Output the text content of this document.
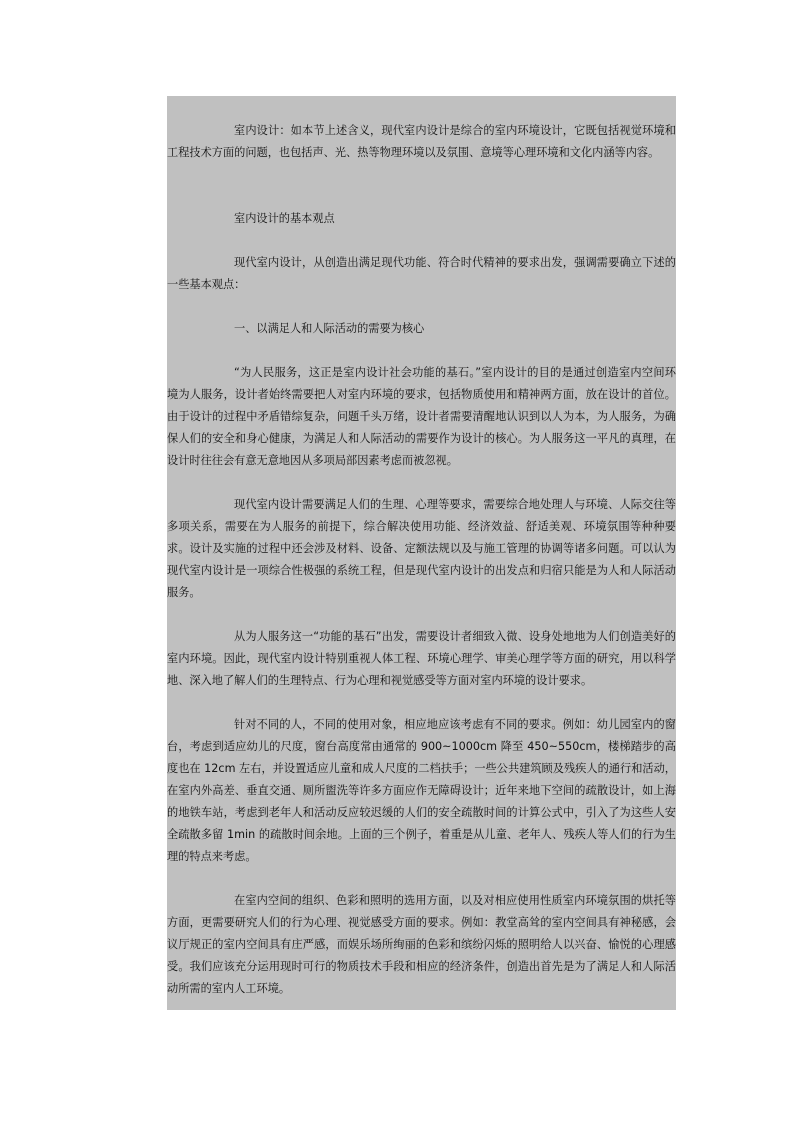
室内设计：如本节上述含义，现代室内设计是综合的室内环境设计，它既包括视觉环境和工程技术方面的问题，也包括声、光、热等物理环境以及氛围、意境等心理环境和文化内涵等内容。

室内设计的基本观点

现代室内设计，从创造出满足现代功能、符合时代精神的要求出发，强调需要确立下述的一些基本观点：

一、以满足人和人际活动的需要为核心

“为人民服务，这正是室内设计社会功能的基石。”室内设计的目的是通过创造室内空间环境为人服务，设计者始终需要把人对室内环境的要求，包括物质使用和精神两方面，放在设计的首位。由于设计的过程中矛盾错综复杂，问题千头万绪，设计者需要清醒地认识到以人为本，为人服务，为确保人们的安全和身心健康，为满足人和人际活动的需要作为设计的核心。为人服务这一平凡的真理，在设计时往往会有意无意地因从多项局部因素考虑而被忽视。

现代室内设计需要满足人们的生理、心理等要求，需要综合地处理人与环境、人际交往等多项关系，需要在为人服务的前提下，综合解决使用功能、经济效益、舒适美观、环境氛围等种种要求。设计及实施的过程中还会涉及材料、设备、定额法规以及与施工管理的协调等诸多问题。可以认为现代室内设计是一项综合性极强的系统工程，但是现代室内设计的出发点和归宿只能是为人和人际活动服务。

从为人服务这一“功能的基石”出发，需要设计者细致入微、设身处地地为人们创造美好的室内环境。因此，现代室内设计特别重视人体工程、环境心理学、审美心理学等方面的研究，用以科学地、深入地了解人们的生理特点、行为心理和视觉感受等方面对室内环境的设计要求。

针对不同的人，不同的使用对象，相应地应该考虑有不同的要求。例如：幼儿园室内的窗台，考虑到适应幼儿的尺度，窗台高度常由通常的 900~1000cm 降至 450~550cm，楼梯踏步的高度也在 12cm 左右，并设置适应儿童和成人尺度的二档扶手；一些公共建筑顾及残疾人的通行和活动，在室内外高差、垂直交通、厕所盥洗等许多方面应作无障碍设计；近年来地下空间的疏散设计，如上海的地铁车站，考虑到老年人和活动反应较迟缓的人们的安全疏散时间的计算公式中，引入了为这些人安全疏散多留 1min 的疏散时间余地。上面的三个例子，着重是从儿童、老年人、残疾人等人们的行为生理的特点来考虑。

在室内空间的组织、色彩和照明的选用方面，以及对相应使用性质室内环境氛围的烘托等方面，更需要研究人们的行为心理、视觉感受方面的要求。例如：教堂高耸的室内空间具有神秘感，会议厅规正的室内空间具有庄严感，而娱乐场所绚丽的色彩和缤纷闪烁的照明给人以兴奋、愉悦的心理感受。我们应该充分运用现时可行的物质技术手段和相应的经济条件，创造出首先是为了满足人和人际活动所需的室内人工环境。
